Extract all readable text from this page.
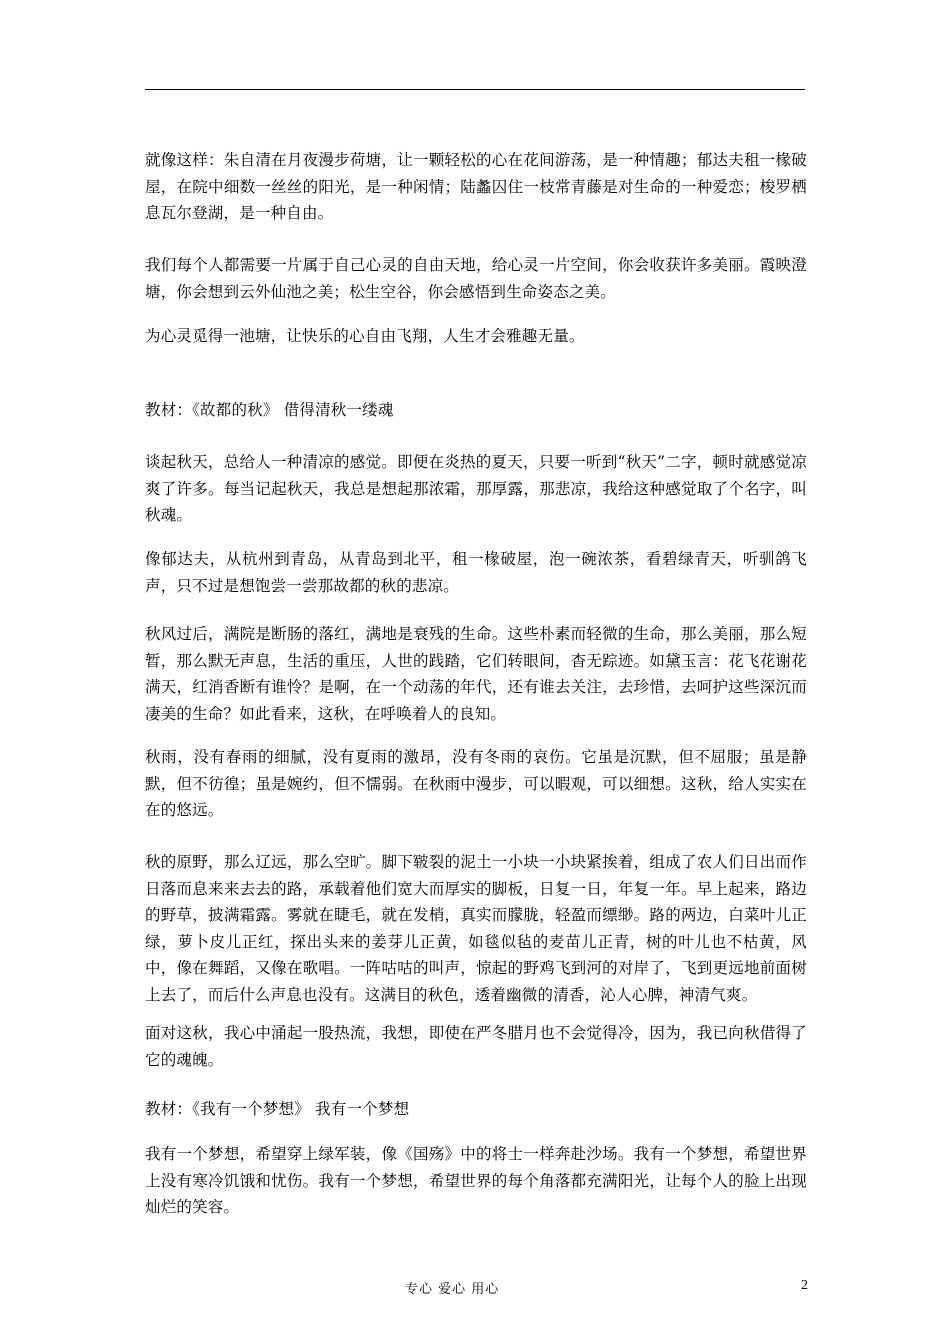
就像这样：朱自清在月夜漫步荷塘，让一颗轻松的心在花间游荡，是一种情趣；郁达夫租一椽破屋，在院中细数一丝丝的阳光，是一种闲情；陆蠡囚住一枝常青藤是对生命的一种爱恋；梭罗栖息瓦尔登湖，是一种自由。

我们每个人都需要一片属于自己心灵的自由天地，给心灵一片空间，你会收获许多美丽。霞映澄塘，你会想到云外仙池之美；松生空谷，你会感悟到生命姿态之美。

为心灵觅得一池塘，让快乐的心自由飞翔，人生才会雅趣无量。

教材：《故都的秋》 借得清秋一缕魂

谈起秋天，总给人一种清凉的感觉。即便在炎热的夏天，只要一听到“秋天”二字，顿时就感觉凉爽了许多。每当记起秋天，我总是想起那浓霜，那厚露，那悲凉，我给这种感觉取了个名字，叫秋魂。

像郁达夫，从杭州到青岛，从青岛到北平，租一椽破屋，泡一碗浓茶，看碧绿青天，听驯鸽飞声，只不过是想饱尝一尝那故都的秋的悲凉。

秋风过后，满院是断肠的落红，满地是衰残的生命。这些朴素而轻微的生命，那么美丽，那么短暂，那么默无声息，生活的重压，人世的践踏，它们转眼间，杳无踪迹。如黛玉言：花飞花谢花满天，红消香断有谁怜？是啊，在一个动荡的年代，还有谁去关注，去珍惜，去呵护这些深沉而凄美的生命？如此看来，这秋，在呼唤着人的良知。

秋雨，没有春雨的细腻，没有夏雨的激昂，没有冬雨的哀伤。它虽是沉默，但不屈服；虽是静默，但不彷徨；虽是婉约，但不懦弱。在秋雨中漫步，可以暇观，可以细想。这秋，给人实实在在的悠远。

秋的原野，那么辽远，那么空旷。脚下皲裂的泥土一小块一小块紧挨着，组成了农人们日出而作日落而息来来去去的路，承载着他们宽大而厚实的脚板，日复一日，年复一年。早上起来，路边的野草，披满霜露。雾就在睫毛，就在发梢，真实而朦胧，轻盈而缥缈。路的两边，白菜叶儿正绿，萝卜皮儿正红，探出头来的姜芽儿正黄，如毯似毡的麦苗儿正青，树的叶儿也不枯黄，风中，像在舞蹈，又像在歌唱。一阵咕咕的叫声，惊起的野鸡飞到河的对岸了，飞到更远地前面树上去了，而后什么声息也没有。这满目的秋色，透着幽微的清香，沁人心脾，神清气爽。

面对这秋，我心中涌起一股热流，我想，即使在严冬腊月也不会觉得冷，因为，我已向秋借得了它的魂魄。

教材：《我有一个梦想》 我有一个梦想

我有一个梦想，希望穿上绿军装，像《国殇》中的将士一样奔赴沙场。我有一个梦想，希望世界上没有寒冷饥饿和忧伤。我有一个梦想，希望世界的每个角落都充满阳光，让每个人的脸上出现灿烂的笑容。

专心 爱心 用心	2
